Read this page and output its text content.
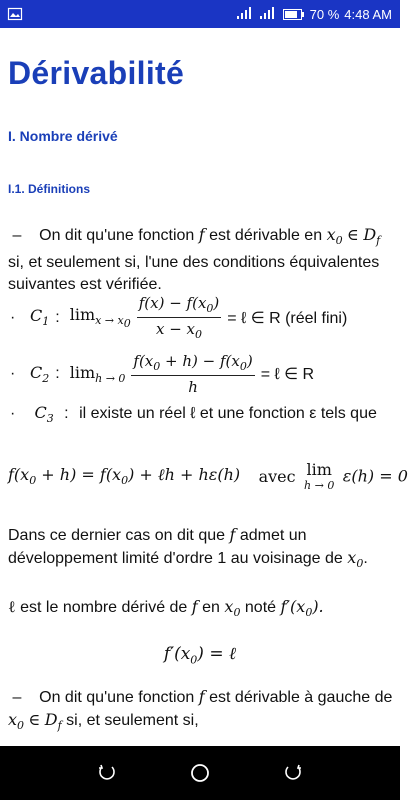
70 % 4:48 AM
Dérivabilité
I. Nombre dérivé
I.1. Définitions
– On dit qu'une fonction f est dérivable en $x_0$ ∈ $D_f$ si, et seulement si, l'une des conditions équivalentes suivantes est vérifiée.
· $C_1$ : $\lim_{x \to x_0} \frac{f(x) - f(x_0)}{x - x_0}$ = ℓ ∈ R (réel fini)
· $C_2$ : $\lim_{h \to 0} \frac{f(x_0 + h) - f(x_0)}{h}$ = ℓ ∈ R
· $C_3$ : il existe un réel ℓ et une fonction ε tels que
$f(x_0 + h) = f(x_0)$ + ℓh + hε(h) avec lim
h → 0 ε(h) = 0
Dans ce dernier cas on dit que f admet un développement limité d'ordre 1 au voisinage de $x_0$.
ℓ est le nombre dérivé de f en $x_0$ noté $f'(x_0)$.
$f'(x_0)$ = ℓ
– On dit qu'une fonction f est dérivable à gauche de $x_0$ ∈ $D_f$ si, et seulement si,
